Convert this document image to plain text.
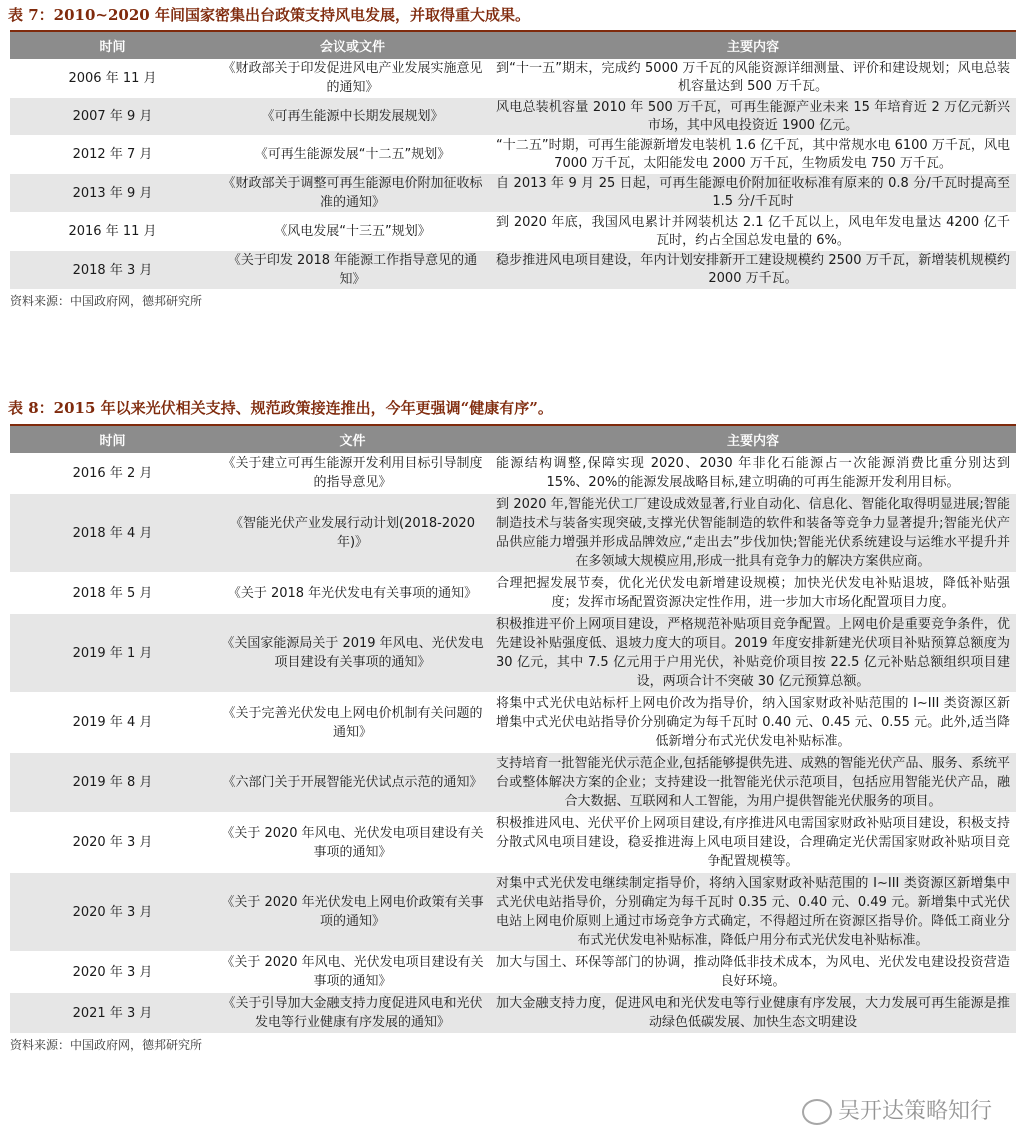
表 7：2010~2020 年间国家密集出台政策支持风电发展，并取得重大成果。
时间	会议或文件	主要内容
2006 年 11 月	《财政部关于印发促进风电产业发展实施意见的通知》	到“十一五”期末，完成约 5000 万千瓦的风能资源详细测量、评价和建设规划；风电总装机容量达到 500 万千瓦。
2007 年 9 月	《可再生能源中长期发展规划》	风电总装机容量 2010 年 500 万千瓦，可再生能源产业未来 15 年培育近 2 万亿元新兴市场，其中风电投资近 1900 亿元。
2012 年 7 月	《可再生能源发展“十二五”规划》	“十二五”时期，可再生能源新增发电装机 1.6 亿千瓦，其中常规水电 6100 万千瓦，风电 7000 万千瓦，太阳能发电 2000 万千瓦，生物质发电 750 万千瓦。
2013 年 9 月	《财政部关于调整可再生能源电价附加征收标准的通知》	自 2013 年 9 月 25 日起，可再生能源电价附加征收标准有原来的 0.8 分/千瓦时提高至 1.5 分/千瓦时
2016 年 11 月	《风电发展“十三五”规划》	到 2020 年底，我国风电累计并网装机达 2.1 亿千瓦以上，风电年发电量达 4200 亿千瓦时，约占全国总发电量的 6%。
2018 年 3 月	《关于印发 2018 年能源工作指导意见的通知》	稳步推进风电项目建设，年内计划安排新开工建设规模约 2500 万千瓦，新增装机规模约 2000 万千瓦。
资料来源：中国政府网，德邦研究所
表 8：2015 年以来光伏相关支持、规范政策接连推出，今年更强调“健康有序”。
时间	文件	主要内容
2016 年 2 月	《关于建立可再生能源开发利用目标引导制度的指导意见》	能源结构调整,保障实现 2020、2030 年非化石能源占一次能源消费比重分别达到 15%、20%的能源发展战略目标,建立明确的可再生能源开发利用目标。
2018 年 4 月	《智能光伏产业发展行动计划(2018-2020 年)》	到 2020 年,智能光伏工厂建设成效显著,行业自动化、信息化、智能化取得明显进展;智能制造技术与装备实现突破,支撑光伏智能制造的软件和装备等竞争力显著提升;智能光伏产品供应能力增强并形成品牌效应,“走出去”步伐加快;智能光伏系统建设与运维水平提升并在多领域大规模应用,形成一批具有竞争力的解决方案供应商。
2018 年 5 月	《关于 2018 年光伏发电有关事项的通知》	合理把握发展节奏，优化光伏发电新增建设规模；加快光伏发电补贴退坡，降低补贴强度；发挥市场配置资源决定性作用，进一步加大市场化配置项目力度。
2019 年 1 月	《关国家能源局关于 2019 年风电、光伏发电项目建设有关事项的通知》	积极推进平价上网项目建设，严格规范补贴项目竞争配置。上网电价是重要竞争条件，优先建设补贴强度低、退坡力度大的项目。2019 年度安排新建光伏项目补贴预算总额度为 30 亿元，其中 7.5 亿元用于户用光伏，补贴竞价项目按 22.5 亿元补贴总额组织项目建设，两项合计不突破 30 亿元预算总额。
2019 年 4 月	《关于完善光伏发电上网电价机制有关问题的通知》	将集中式光伏电站标杆上网电价改为指导价，纳入国家财政补贴范围的 I~III 类资源区新增集中式光伏电站指导价分别确定为每千瓦时 0.40 元、0.45 元、0.55 元。此外,适当降低新增分布式光伏发电补贴标准。
2019 年 8 月	《六部门关于开展智能光伏试点示范的通知》	支持培育一批智能光伏示范企业,包括能够提供先进、成熟的智能光伏产品、服务、系统平台或整体解决方案的企业；支持建设一批智能光伏示范项目，包括应用智能光伏产品，融合大数据、互联网和人工智能，为用户提供智能光伏服务的项目。
2020 年 3 月	《关于 2020 年风电、光伏发电项目建设有关事项的通知》	积极推进风电、光伏平价上网项目建设,有序推进风电需国家财政补贴项目建设，积极支持分散式风电项目建设，稳妥推进海上风电项目建设，合理确定光伏需国家财政补贴项目竞争配置规模等。
2020 年 3 月	《关于 2020 年光伏发电上网电价政策有关事项的通知》	对集中式光伏发电继续制定指导价，将纳入国家财政补贴范围的 I~III 类资源区新增集中式光伏电站指导价，分别确定为每千瓦时 0.35 元、0.40 元、0.49 元。新增集中式光伏电站上网电价原则上通过市场竞争方式确定，不得超过所在资源区指导价。降低工商业分布式光伏发电补贴标准，降低户用分布式光伏发电补贴标准。
2020 年 3 月	《关于 2020 年风电、光伏发电项目建设有关事项的通知》	加大与国土、环保等部门的协调，推动降低非技术成本，为风电、光伏发电建设投资营造良好环境。
2021 年 3 月	《关于引导加大金融支持力度促进风电和光伏发电等行业健康有序发展的通知》	加大金融支持力度，促进风电和光伏发电等行业健康有序发展，大力发展可再生能源是推动绿色低碳发展、加快生态文明建设
资料来源：中国政府网，德邦研究所
吴开达策略知行
